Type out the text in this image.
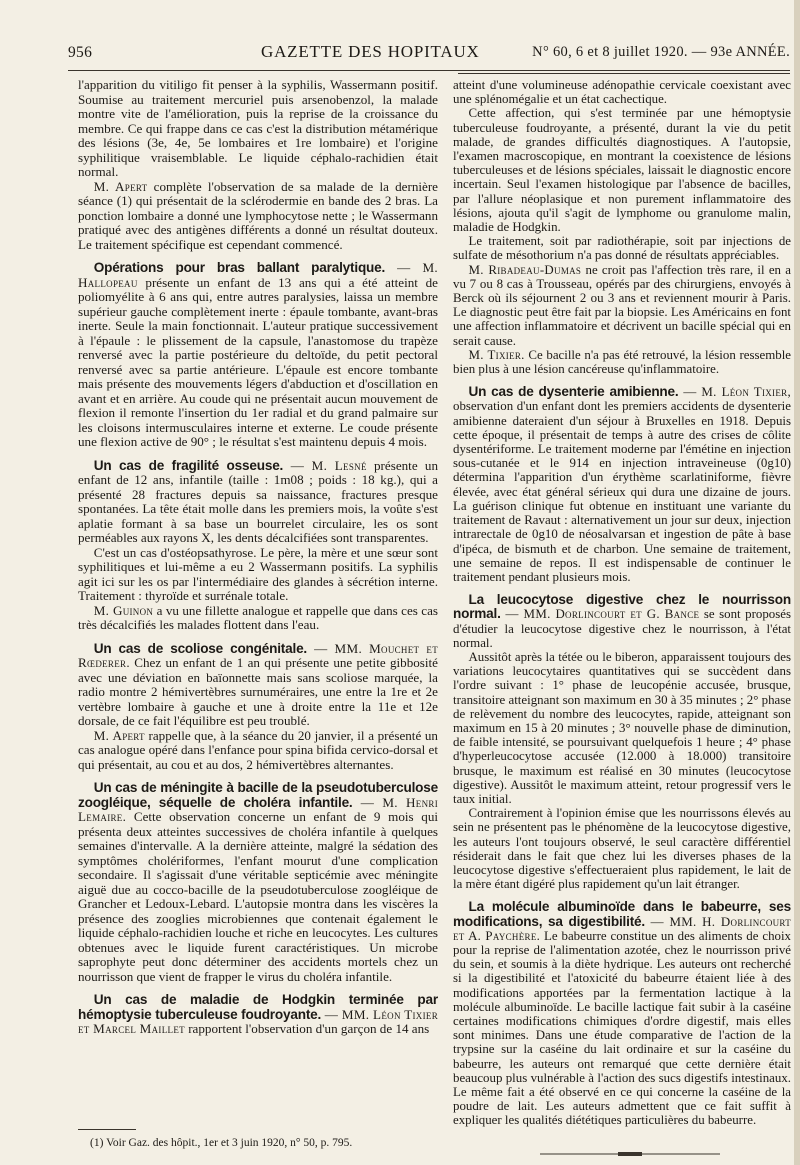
956	GAZETTE DES HOPITAUX	N° 60, 6 et 8 juillet 1920. — 93e ANNÉE.

l'apparition du vitiligo fit penser à la syphilis, Wassermann positif. Soumise au traitement mercuriel puis arsenobenzol, la malade montre vite de l'amélioration, puis la reprise de la croissance du membre. Ce qui frappe dans ce cas c'est la distribution métamérique des lésions (3e, 4e, 5e lombaires et 1re lombaire) et l'origine syphilitique vraisemblable. Le liquide céphalo-rachidien était normal.

M. Apert complète l'observation de sa malade de la dernière séance (1) qui présentait de la sclérodermie en bande des 2 bras. La ponction lombaire a donné une lymphocytose nette ; le Wassermann pratiqué avec des antigènes différents a donné un résultat douteux. Le traitement spécifique est cependant commencé.

Opérations pour bras ballant paralytique. — M. Hallopeau présente un enfant de 13 ans qui a été atteint de poliomyélite à 6 ans qui, entre autres paralysies, laissa un membre supérieur gauche complètement inerte : épaule tombante, avant-bras inerte. Seule la main fonctionnait. L'auteur pratique successivement à l'épaule : le plissement de la capsule, l'anastomose du trapèze renversé avec la partie postérieure du deltoïde, du petit pectoral renversé avec sa partie antérieure. L'épaule est encore tombante mais présente des mouvements légers d'abduction et d'oscillation en avant et en arrière. Au coude qui ne présentait aucun mouvement de flexion il remonte l'insertion du 1er radial et du grand palmaire sur les cloisons intermusculaires interne et externe. Le coude présente une flexion active de 90° ; le résultat s'est maintenu depuis 4 mois.

Un cas de fragilité osseuse. — M. Lesné présente un enfant de 12 ans, infantile (taille : 1m08 ; poids : 18 kg.), qui a présenté 28 fractures depuis sa naissance, fractures presque spontanées. La tête était molle dans les premiers mois, la voûte s'est aplatie formant à sa base un bourrelet circulaire, les os sont perméables aux rayons X, les dents décalcifiées sont transparentes.

C'est un cas d'ostéopsathyrose. Le père, la mère et une sœur sont syphilitiques et lui-même a eu 2 Wassermann positifs. La syphilis agit ici sur les os par l'intermédiaire des glandes à sécrétion interne. Traitement : thyroïde et surrénale totale.

M. Guinon a vu une fillette analogue et rappelle que dans ces cas très décalcifiés les malades flottent dans l'eau.

Un cas de scoliose congénitale. — MM. Mouchet et Rœderer. Chez un enfant de 1 an qui présente une petite gibbosité avec une déviation en baïonnette mais sans scoliose marquée, la radio montre 2 hémivertèbres surnuméraires, une entre la 1re et 2e vertèbre lombaire à gauche et une à droite entre la 11e et 12e dorsale, de ce fait l'équilibre est peu troublé.

M. Apert rappelle que, à la séance du 20 janvier, il a présenté un cas analogue opéré dans l'enfance pour spina bifida cervico-dorsal et qui présentait, au cou et au dos, 2 hémivertèbres alternantes.

Un cas de méningite à bacille de la pseudotuberculose zoogléique, séquelle de choléra infantile. — M. Henri Lemaire. Cette observation concerne un enfant de 9 mois qui présenta deux atteintes successives de choléra infantile à quelques semaines d'intervalle. A la dernière atteinte, malgré la sédation des symptômes cholériformes, l'enfant mourut d'une complication secondaire. Il s'agissait d'une véritable septicémie avec méningite aiguë due au cocco-bacille de la pseudotuberculose zoogléique de Grancher et Ledoux-Lebard. L'autopsie montra dans les viscères la présence des zooglies microbiennes que contenait également le liquide céphalo-rachidien louche et riche en leucocytes. Les cultures obtenues avec le liquide furent caractéristiques. Un microbe saprophyte peut donc déterminer des accidents mortels chez un nourrisson que vient de frapper le virus du choléra infantile.

Un cas de maladie de Hodgkin terminée par hémoptysie tuberculeuse foudroyante. — MM. Léon Tixier et Marcel Maillet rapportent l'observation d'un garçon de 14 ans

atteint d'une volumineuse adénopathie cervicale coexistant avec une splénomégalie et un état cachectique.

Cette affection, qui s'est terminée par une hémoptysie tuberculeuse foudroyante, a présenté, durant la vie du petit malade, de grandes difficultés diagnostiques. A l'autopsie, l'examen macroscopique, en montrant la coexistence de lésions tuberculeuses et de lésions spéciales, laissait le diagnostic encore incertain. Seul l'examen histologique par l'absence de bacilles, par l'allure néoplasique et non purement inflammatoire des lésions, ajouta qu'il s'agit de lymphome ou granulome malin, maladie de Hodgkin.

Le traitement, soit par radiothérapie, soit par injections de sulfate de mésothorium n'a pas donné de résultats appréciables.

M. Ribadeau-Dumas ne croit pas l'affection très rare, il en a vu 7 ou 8 cas à Trousseau, opérés par des chirurgiens, envoyés à Berck où ils séjournent 2 ou 3 ans et reviennent mourir à Paris. Le diagnostic peut être fait par la biopsie. Les Américains en font une affection inflammatoire et décrivent un bacille spécial qui en serait cause.

M. Tixier. Ce bacille n'a pas été retrouvé, la lésion ressemble bien plus à une lésion cancéreuse qu'inflammatoire.

Un cas de dysenterie amibienne. — M. Léon Tixier, observation d'un enfant dont les premiers accidents de dysenterie amibienne dateraient d'un séjour à Bruxelles en 1918. Depuis cette époque, il présentait de temps à autre des crises de côlite dysentériforme. Le traitement moderne par l'émétine en injection sous-cutanée et le 914 en injection intraveineuse (0g10) détermina l'apparition d'un érythème scarlatiniforme, fièvre élevée, avec état général sérieux qui dura une dizaine de jours. La guérison clinique fut obtenue en instituant une variante du traitement de Ravaut : alternativement un jour sur deux, injection intrarectale de 0g10 de néosalvarsan et ingestion de pâte à base d'ipéca, de bismuth et de charbon. Une semaine de traitement, une semaine de repos. Il est indispensable de continuer le traitement pendant plusieurs mois.

La leucocytose digestive chez le nourrisson normal. — MM. Dorlincourt et G. Bance se sont proposés d'étudier la leucocytose digestive chez le nourrisson, à l'état normal.

Aussitôt après la tétée ou le biberon, apparaissent toujours des variations leucocytaires quantitatives qui se succèdent dans l'ordre suivant : 1° phase de leucopénie accusée, brusque, transitoire atteignant son maximum en 30 à 35 minutes ; 2° phase de relèvement du nombre des leucocytes, rapide, atteignant son maximum en 15 à 20 minutes ; 3° nouvelle phase de diminution, de faible intensité, se poursuivant quelquefois 1 heure ; 4° phase d'hyperleucocytose accusée (12.000 à 18.000) transitoire brusque, le maximum est réalisé en 30 minutes (leucocytose digestive). Aussitôt le maximum atteint, retour progressif vers le taux initial.

Contrairement à l'opinion émise que les nourrissons élevés au sein ne présentent pas le phénomène de la leucocytose digestive, les auteurs l'ont toujours observé, le seul caractère différentiel résiderait dans le fait que chez lui les diverses phases de la leucocytose digestive s'effectueraient plus rapidement, le lait de la mère étant digéré plus rapidement qu'un lait étranger.

La molécule albuminoïde dans le babeurre, ses modifications, sa digestibilité. — MM. H. Dorlincourt et A. Paychère. Le babeurre constitue un des aliments de choix pour la reprise de l'alimentation azotée, chez le nourrisson privé du sein, et soumis à la diète hydrique. Les auteurs ont recherché si la digestibilité et l'atoxicité du babeurre étaient liée à des modifications apportées par la fermentation lactique à la molécule albuminoïde. Le bacille lactique fait subir à la caséine certaines modifications chimiques d'ordre digestif, mais elles sont minimes. Dans une étude comparative de l'action de la trypsine sur la caséine du lait ordinaire et sur la caséine du babeurre, les auteurs ont remarqué que cette dernière était beaucoup plus vulnérable à l'action des sucs digestifs intestinaux. Le même fait a été observé en ce qui concerne la caséine de la poudre de lait. Les auteurs admettent que ce fait suffit à expliquer les qualités diététiques particulières du babeurre.

(1) Voir Gaz. des hôpit., 1er et 3 juin 1920, n° 50, p. 795.
